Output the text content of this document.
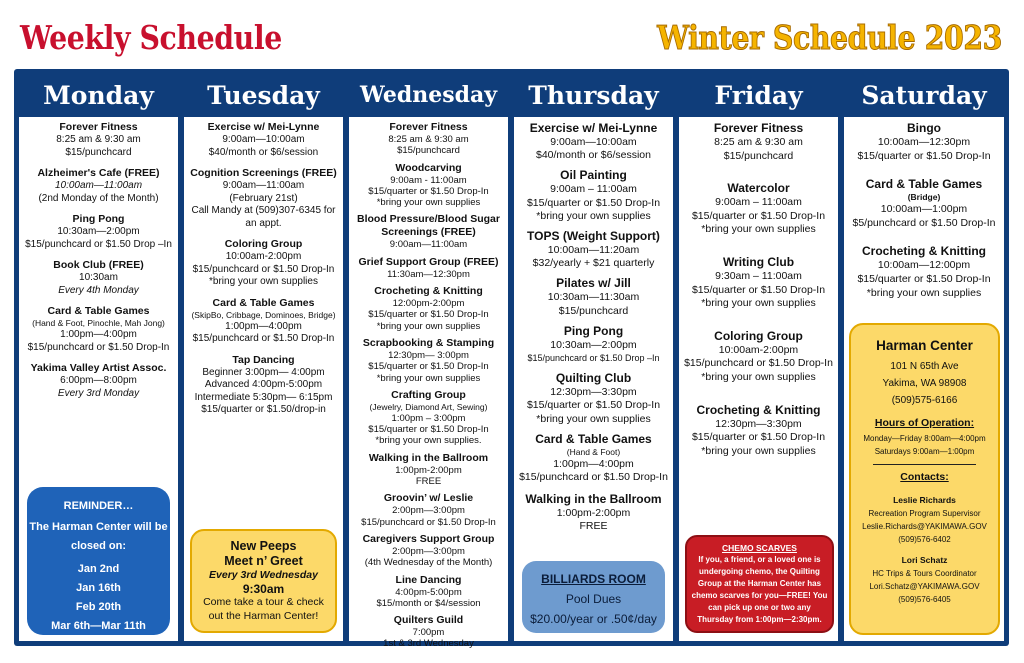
Weekly Schedule	Winter Schedule 2023
Monday
Forever Fitness
8:25 am & 9:30 am
$15/punchcard
Alzheimer's Cafe (FREE)
10:00am—11:00am
(2nd Monday of the Month)
Ping Pong
10:30am—2:00pm
$15/punchcard or $1.50 Drop –In
Book Club (FREE)
10:30am
Every 4th Monday
Card & Table Games
(Hand & Foot, Pinochle, Mah Jong)
1:00pm—4:00pm
$15/punchcard or $1.50 Drop-In
Yakima Valley Artist Assoc.
6:00pm—8:00pm
Every 3rd Monday
REMINDER…
The Harman Center will be
closed on:
Jan 2nd
Jan 16th
Feb 20th
Mar 6th—Mar 11th
Tuesday
Exercise w/ Mei-Lynne
9:00am—10:00am
$40/month or $6/session
Cognition Screenings (FREE)
9:00am—11:00am
(February 21st)
Call Mandy at (509)307-6345 for an appt.
Coloring Group
10:00am-2:00pm
$15/punchcard or $1.50 Drop-In
*bring your own supplies
Card & Table Games
(SkipBo, Cribbage, Dominoes, Bridge)
1:00pm—4:00pm
$15/punchcard or $1.50 Drop-In
Tap Dancing
Beginner 3:00pm— 4:00pm
Advanced 4:00pm-5:00pm
Intermediate 5:30pm— 6:15pm
$15/quarter or $1.50/drop-in
New Peeps
Meet n’ Greet
Every 3rd Wednesday
9:30am
Come take a tour & check
out the Harman Center!
Wednesday
Forever Fitness
8:25 am & 9:30 am
$15/punchcard
Woodcarving
9:00am - 11:00am
$15/quarter or $1.50 Drop-In
*bring your own supplies
Blood Pressure/Blood Sugar Screenings (FREE)
9:00am—11:00am
Grief Support Group (FREE)
11:30am—12:30pm
Crocheting & Knitting
12:00pm-2:00pm
$15/quarter or $1.50 Drop-In
*bring your own supplies
Scrapbooking & Stamping
12:30pm— 3:00pm
$15/quarter or $1.50 Drop-In
*bring your own supplies
Crafting Group
(Jewelry, Diamond Art, Sewing)
1:00pm – 3:00pm
$15/quarter or $1.50 Drop-In
*bring your own supplies.
Walking in the Ballroom
1:00pm-2:00pm
FREE
Groovin’ w/ Leslie
2:00pm—3:00pm
$15/punchcard or $1.50 Drop-In
Caregivers Support Group
2:00pm—3:00pm
(4th Wednesday of the Month)
Line Dancing
4:00pm-5:00pm
$15/month or $4/session
Quilters Guild
7:00pm
1st & 3rd Wednesday
Thursday
Exercise w/ Mei-Lynne
9:00am—10:00am
$40/month or $6/session
Oil Painting
9:00am – 11:00am
$15/quarter or $1.50 Drop-In
*bring your own supplies
TOPS (Weight Support)
10:00am—11:20am
$32/yearly + $21 quarterly
Pilates w/ Jill
10:30am—11:30am
$15/punchcard
Ping Pong
10:30am—2:00pm
$15/punchcard or $1.50 Drop –In
Quilting Club
12:30pm—3:30pm
$15/quarter or $1.50 Drop-In
*bring your own supplies
Card & Table Games
(Hand & Foot)
1:00pm—4:00pm
$15/punchcard or $1.50 Drop-In
Walking in the Ballroom
1:00pm-2:00pm
FREE
BILLIARDS ROOM
Pool Dues
$20.00/year or .50¢/day
Friday
Forever Fitness
8:25 am & 9:30 am
$15/punchcard
Watercolor
9:00am – 11:00am
$15/quarter or $1.50 Drop-In
*bring your own supplies
Writing Club
9:30am – 11:00am
$15/quarter or $1.50 Drop-In
*bring your own supplies
Coloring Group
10:00am-2:00pm
$15/punchcard or $1.50 Drop-In
*bring your own supplies
Crocheting & Knitting
12:30pm—3:30pm
$15/quarter or $1.50 Drop-In
*bring your own supplies
CHEMO SCARVES
If you, a friend, or a loved one is undergoing chemo, the Quilting Group at the Harman Center has chemo scarves for you—FREE! You can pick up one or two any Thursday from 1:00pm—2:30pm.
Saturday
Bingo
10:00am—12:30pm
$15/quarter or $1.50 Drop-In
Card & Table Games
(Bridge)
10:00am—1:00pm
$5/punchcard or $1.50 Drop-In
Crocheting & Knitting
10:00am—12:00pm
$15/quarter or $1.50 Drop-In
*bring your own supplies
Harman Center
101 N 65th Ave
Yakima, WA 98908
(509)575-6166
Hours of Operation:
Monday—Friday 8:00am—4:00pm
Saturdays 9:00am—1:00pm
Contacts:
Leslie Richards
Recreation Program Supervisor
Leslie.Richards@YAKIMAWA.GOV
(509)576-6402
Lori Schatz
HC Trips & Tours Coordinator
Lori.Schatz@YAKIMAWA.GOV
(509)576-6405
